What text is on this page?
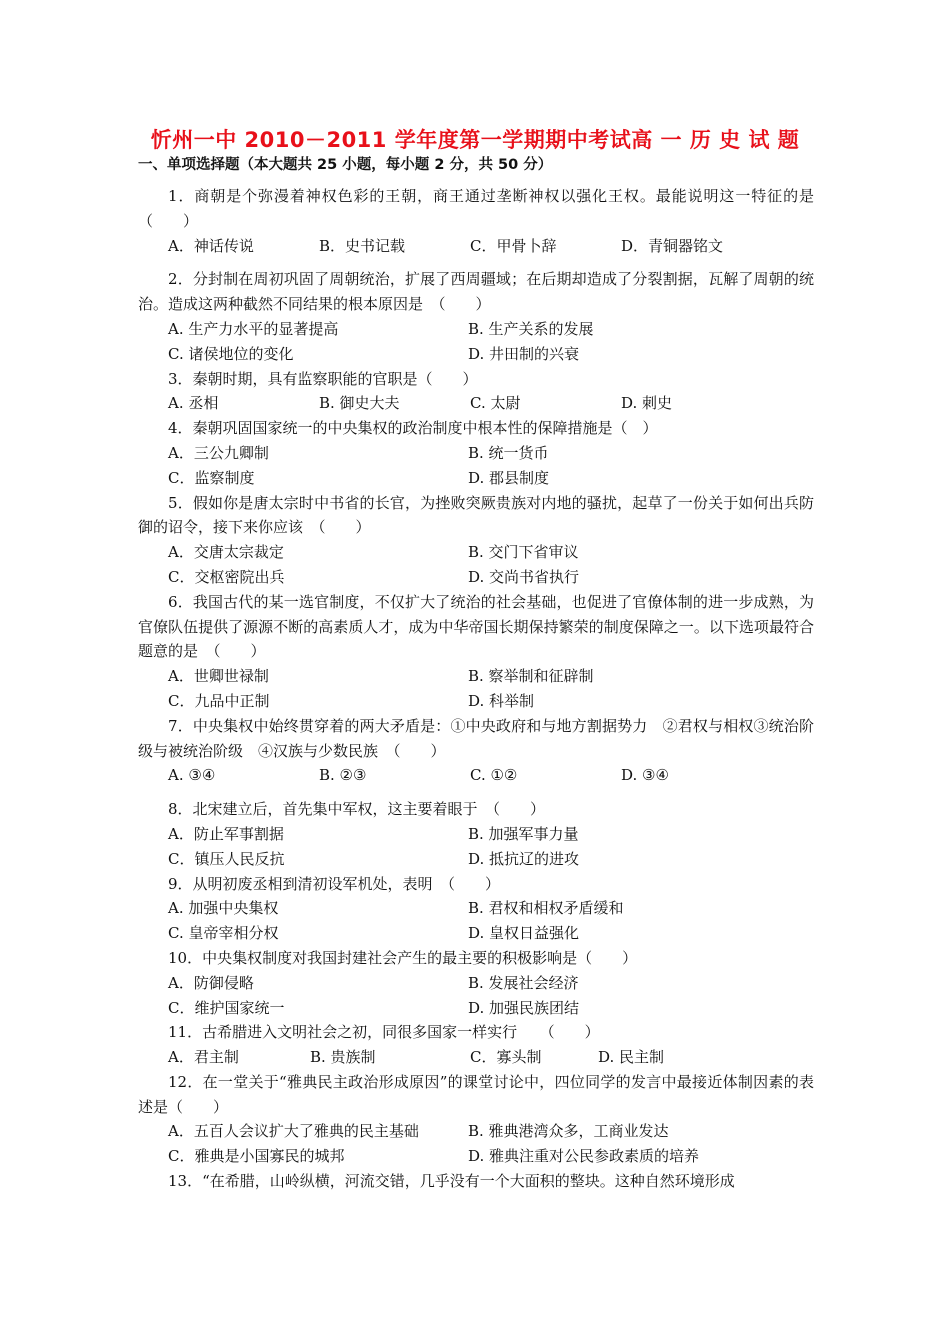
忻州一中 2010－2011 学年度第一学期期中考试高 一 历 史 试 题
一、单项选择题（本大题共 25 小题，每小题 2 分，共 50 分）

1．商朝是个弥漫着神权色彩的王朝，商王通过垄断神权以强化王权。最能说明这一特征的是　（　　）

A．神话传说	B．史书记载	C．甲骨卜辞	D．青铜器铭文

2．分封制在周初巩固了周朝统治，扩展了西周疆域；在后期却造成了分裂割据，瓦解了周朝的统治。造成这两种截然不同结果的根本原因是　（　　）

A. 生产力水平的显著提高	B. 生产关系的发展
C. 诸侯地位的变化	D. 井田制的兴衰

3．秦朝时期，具有监察职能的官职是（　　）

A. 丞相	B. 御史大夫	C. 太尉	D. 刺史

4．秦朝巩固国家统一的中央集权的政治制度中根本性的保障措施是（　）

A．三公九卿制	B. 统一货币
C．监察制度	D. 郡县制度

5．假如你是唐太宗时中书省的长官，为挫败突厥贵族对内地的骚扰，起草了一份关于如何出兵防御的诏令，接下来你应该　（　　）

A．交唐太宗裁定	B. 交门下省审议
C．交枢密院出兵	D. 交尚书省执行

6．我国古代的某一选官制度，不仅扩大了统治的社会基础，也促进了官僚体制的进一步成熟，为官僚队伍提供了源源不断的高素质人才，成为中华帝国长期保持繁荣的制度保障之一。以下选项最符合题意的是　（　　）

A．世卿世禄制	B. 察举制和征辟制
C．九品中正制	D. 科举制

7．中央集权中始终贯穿着的两大矛盾是：①中央政府和与地方割据势力　②君权与相权③统治阶级与被统治阶级　④汉族与少数民族　（　　）

A. ③④	B. ②③	C. ①②	D. ③④

8．北宋建立后，首先集中军权，这主要着眼于　（　　）

A．防止军事割据	B. 加强军事力量
C．镇压人民反抗	D. 抵抗辽的进攻

9．从明初废丞相到清初设军机处，表明　（　　）

A. 加强中央集权	B. 君权和相权矛盾缓和
C. 皇帝宰相分权	D. 皇权日益强化

10．中央集权制度对我国封建社会产生的最主要的积极影响是（　　）

A．防御侵略	B. 发展社会经济
C．维护国家统一	D. 加强民族团结

11．古希腊进入文明社会之初，同很多国家一样实行　　（　　）

A．君主制	B. 贵族制	C．寡头制	D. 民主制

12．在一堂关于“雅典民主政治形成原因”的课堂讨论中，四位同学的发言中最接近体制因素的表述是（　　）

A．五百人会议扩大了雅典的民主基础	B. 雅典港湾众多，工商业发达
C．雅典是小国寡民的城邦	D. 雅典注重对公民参政素质的培养

13．“在希腊，山岭纵横，河流交错，几乎没有一个大面积的整块。这种自然环境形成
